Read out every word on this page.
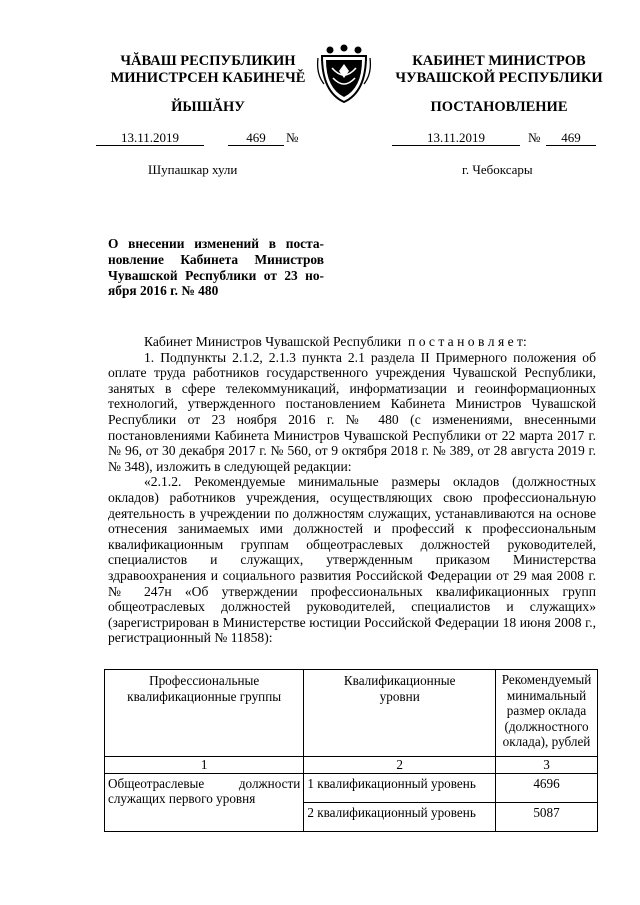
ЧĂВАШ РЕСПУБЛИКИН
МИНИСТРСЕН КАБИНЕЧĚ
ЙЫШĂНУ
КАБИНЕТ МИНИСТРОВ
ЧУВАШСКОЙ РЕСПУБЛИКИ
ПОСТАНОВЛЕНИЕ
13.11.2019	469	№	13.11.2019	№	469
Шупашкар хули	г. Чебоксары
О внесении изменений в поста-
новление Кабинета Министров
Чувашской Республики от 23 но-
ября 2016 г. № 480

Кабинет Министров Чувашской Республики п о с т а н о в л я е т:

1. Подпункты 2.1.2, 2.1.3 пункта 2.1 раздела II Примерного положения об оплате труда работников государственного учреждения Чувашской Республики, занятых в сфере телекоммуникаций, информатизации и геоинформационных технологий, утвержденного постановлением Кабинета Министров Чувашской Республики от 23 ноября 2016 г. № 480 (с изменениями, внесенными постановлениями Кабинета Министров Чувашской Республики от 22 марта 2017 г. № 96, от 30 декабря 2017 г. № 560, от 9 октября 2018 г. № 389, от 28 августа 2019 г. № 348), изложить в следующей редакции:

«2.1.2. Рекомендуемые минимальные размеры окладов (должностных окладов) работников учреждения, осуществляющих свою профессиональную деятельность в учреждении по должностям служащих, устанавливаются на основе отнесения занимаемых ими должностей и профессий к профессиональным квалификационным группам общеотраслевых должностей руководителей, специалистов и служащих, утвержденным приказом Министерства здравоохранения и социального развития Российской Федерации от 29 мая 2008 г. № 247н «Об утверждении профессиональных квалификационных групп общеотраслевых должностей руководителей, специалистов и служащих» (зарегистрирован в Министерстве юстиции Российской Федерации 18 июня 2008 г., регистрационный № 11858):

Профессиональные квалификационные группы	Квалификационные уровни	Рекомендуемый минимальный размер оклада (должностного оклада), рублей
1	2	3
Общеотраслевые должности служащих первого уровня	1 квалификационный уровень	4696
	2 квалификационный уровень	5087
